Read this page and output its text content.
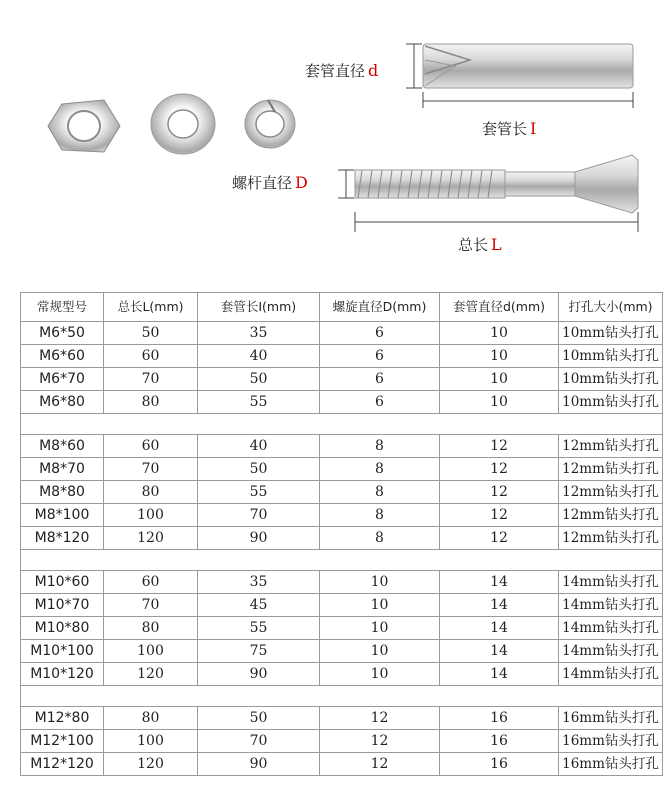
套管直径 d
套管长 I
螺杆直径 D
总长 L
常规型号	总长L(mm)	套管长I(mm)	螺旋直径D(mm)	套管直径d(mm)	打孔大小(mm)
M6*50	50	35	6	10	10mm钻头打孔
M6*60	60	40	6	10	10mm钻头打孔
M6*70	70	50	6	10	10mm钻头打孔
M6*80	80	55	6	10	10mm钻头打孔

M8*60	60	40	8	12	12mm钻头打孔
M8*70	70	50	8	12	12mm钻头打孔
M8*80	80	55	8	12	12mm钻头打孔
M8*100	100	70	8	12	12mm钻头打孔
M8*120	120	90	8	12	12mm钻头打孔

M10*60	60	35	10	14	14mm钻头打孔
M10*70	70	45	10	14	14mm钻头打孔
M10*80	80	55	10	14	14mm钻头打孔
M10*100	100	75	10	14	14mm钻头打孔
M10*120	120	90	10	14	14mm钻头打孔

M12*80	80	50	12	16	16mm钻头打孔
M12*100	100	70	12	16	16mm钻头打孔
M12*120	120	90	12	16	16mm钻头打孔
